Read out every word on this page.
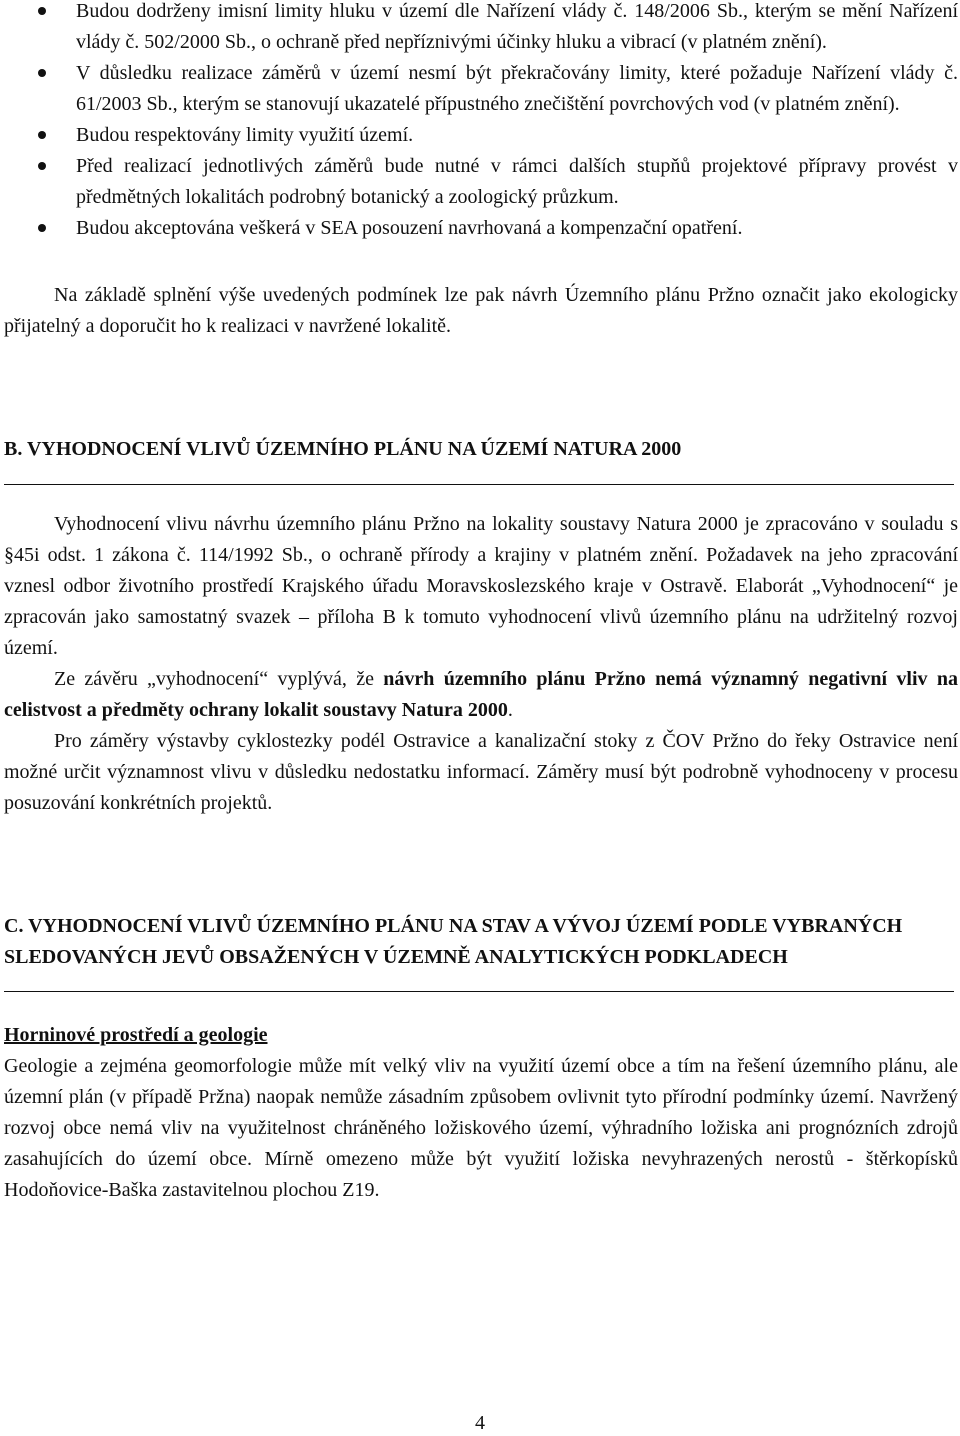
Budou dodrženy imisní limity hluku v území dle Nařízení vlády č. 148/2006 Sb., kterým se mění Nařízení vlády č. 502/2000 Sb., o ochraně před nepříznivými účinky hluku a vibrací (v platném znění).
V důsledku realizace záměrů v území nesmí být překračovány limity, které požaduje Nařízení vlády č. 61/2003 Sb., kterým se stanovují ukazatelé přípustného znečištění povrchových vod (v platném znění).
Budou respektovány limity využití území.
Před realizací jednotlivých záměrů bude nutné v rámci dalších stupňů projektové přípravy provést v předmětných lokalitách podrobný botanický a zoologický průzkum.
Budou akceptována veškerá v SEA posouzení navrhovaná a kompenzační opatření.

Na základě splnění výše uvedených podmínek lze pak návrh Územního plánu Pržno označit jako ekologicky přijatelný a doporučit ho k realizaci v navržené lokalitě.

B. VYHODNOCENÍ VLIVŮ ÚZEMNÍHO PLÁNU NA ÚZEMÍ NATURA 2000

Vyhodnocení vlivu návrhu územního plánu Pržno na lokality soustavy Natura 2000 je zpracováno v souladu s §45i odst. 1 zákona č. 114/1992 Sb., o ochraně přírody a krajiny v platném znění. Požadavek na jeho zpracování vznesl odbor životního prostředí Krajského úřadu Moravskoslezského kraje v Ostravě. Elaborát „Vyhodnocení“ je zpracován jako samostatný svazek – příloha B k tomuto vyhodnocení vlivů územního plánu na udržitelný rozvoj území.

Ze závěru „vyhodnocení“ vyplývá, že návrh územního plánu Pržno nemá významný negativní vliv na celistvost a předměty ochrany lokalit soustavy Natura 2000.

Pro záměry výstavby cyklostezky podél Ostravice a kanalizační stoky z ČOV Pržno do řeky Ostravice není možné určit významnost vlivu v důsledku nedostatku informací. Záměry musí být podrobně vyhodnoceny v procesu posuzování konkrétních projektů.

C. VYHODNOCENÍ VLIVŮ ÚZEMNÍHO PLÁNU NA STAV A VÝVOJ ÚZEMÍ PODLE VYBRANÝCH SLEDOVANÝCH JEVŮ OBSAŽENÝCH V ÚZEMNĚ ANALYTICKÝCH PODKLADECH
Horninové prostředí a geologie

Geologie a zejména geomorfologie může mít velký vliv na využití území obce a tím na řešení územního plánu, ale územní plán (v případě Pržna) naopak nemůže zásadním způsobem ovlivnit tyto přírodní podmínky území. Navržený rozvoj obce nemá vliv na využitelnost chráněného ložiskového území, výhradního ložiska ani prognózních zdrojů zasahujících do území obce. Mírně omezeno může být využití ložiska nevyhrazených nerostů - štěrkopísků Hodoňovice-Baška zastavitelnou plochou Z19.

4
